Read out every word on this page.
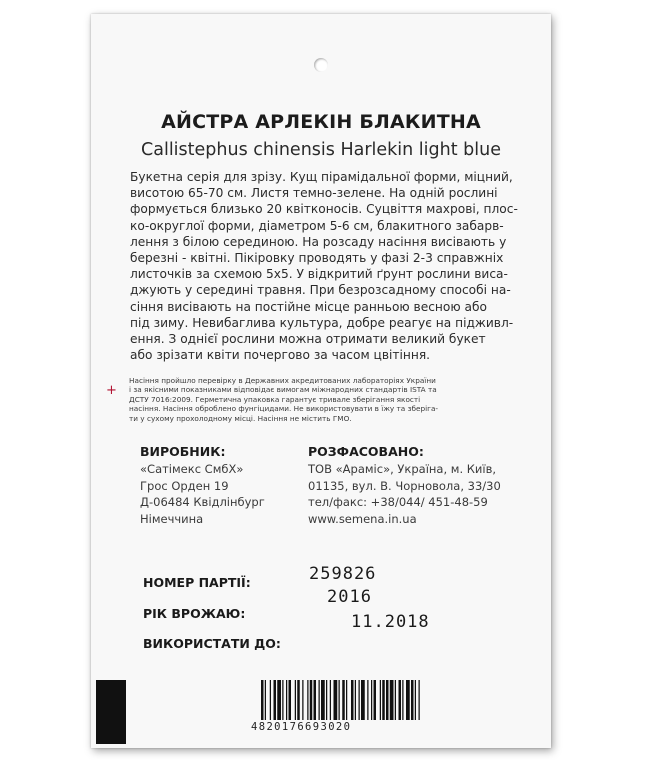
АЙСТРА АРЛЕКІН БЛАКИТНА
Callistephus chinensis Harlekin light blue
Букетна серія для зрізу. Кущ пірамідальної форми, міцний,
висотою 65-70 см. Листя темно-зелене. На одній рослині
формується близько 20 квітконосів. Суцвіття махрові, плос-
ко-округлої форми, діаметром 5-6 см, блакитного забарв-
лення з білою серединою. На розсаду насіння висівають у
березні - квітні. Пікіровку проводять у фазі 2-3 справжніх
листочків за схемою 5х5. У відкритий ґрунт рослини виса-
джують у середині травня. При безрозсадному способі на-
сіння висівають на постійне місце ранньою весною або
під зиму. Невибаглива культура, добре реагує на підживл-
ення. З однієї рослини можна отримати великий букет
або зрізати квіти почергово за часом цвітіння.
+
Насіння пройшло перевірку в Державних акредитованих лабораторіях України
і за якісними показниками відповідає вимогам міжнародних стандартів ISTA та
ДСТУ 7016:2009. Герметична упаковка гарантує тривале зберігання якості
насіння. Насіння оброблено фунгіцидами. Не використовувати в їжу та зберіга-
ти у сухому прохолодному місці. Насіння не містить ГМО.
ВИРОБНИК:
«Сатімекс СмбХ»
Грос Орден 19
Д-06484 Квідлінбург
Німеччина
РОЗФАСОВАНО:
ТОВ «Араміс», Україна, м. Київ,
01135, вул. В. Чорновола, 33/30
тел/факс: +38/044/ 451-48-59
www.semena.in.ua
НОМЕР ПАРТІЇ:	259826
РІК ВРОЖАЮ:
2016
ВИКОРИСТАТИ ДО:
11.2018
4820176693020
